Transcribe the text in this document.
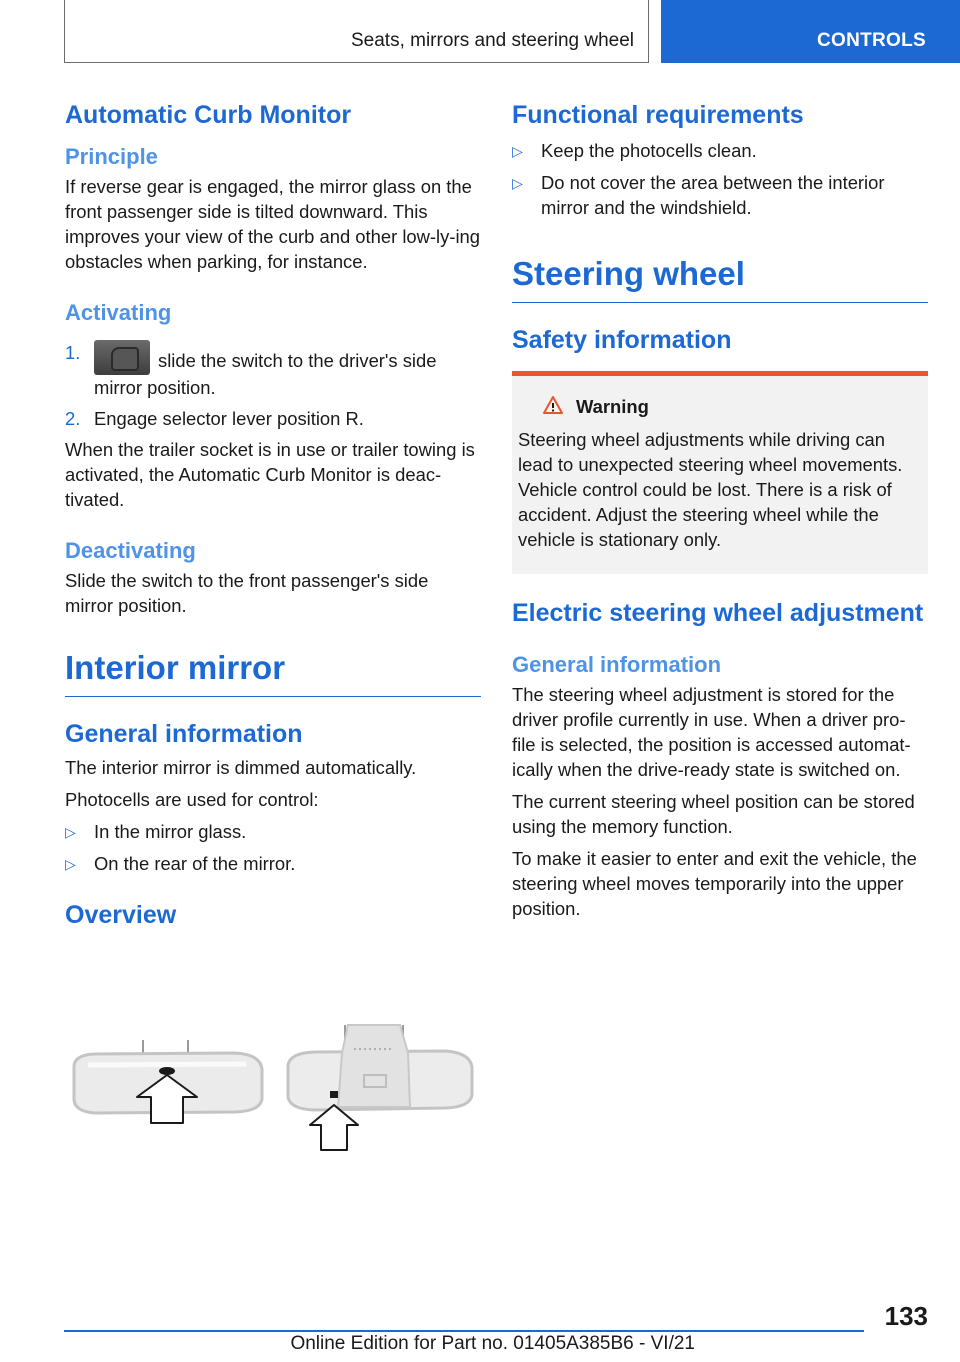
Seats, mirrors and steering wheel	CONTROLS
Automatic Curb Monitor
Principle

If reverse gear is engaged, the mirror glass on the front passenger side is tilted downward. This improves your view of the curb and other low-ly-ing obstacles when parking, for instance.

Activating
1.	slide the switch to the driver's side mirror position.
2. Engage selector lever position R.

When the trailer socket is in use or trailer towing is activated, the Automatic Curb Monitor is deac-tivated.

Deactivating

Slide the switch to the front passenger's side mirror position.

Interior mirror
General information

The interior mirror is dimmed automatically.

Photocells are used for control:

▷ In the mirror glass.
▷ On the rear of the mirror.
Overview
Functional requirements
▷ Keep the photocells clean.
▷ Do not cover the area between the interior mirror and the windshield.
Steering wheel
Safety information
Warning

Steering wheel adjustments while driving can lead to unexpected steering wheel movements. Vehicle control could be lost. There is a risk of accident. Adjust the steering wheel while the vehicle is stationary only.

Electric steering wheel adjustment
General information

The steering wheel adjustment is stored for the driver profile currently in use. When a driver pro-file is selected, the position is accessed automat-ically when the drive-ready state is switched on.

The current steering wheel position can be stored using the memory function.

To make it easier to enter and exit the vehicle, the steering wheel moves temporarily into the upper position.

133
Online Edition for Part no. 01405A385B6 - VI/21
